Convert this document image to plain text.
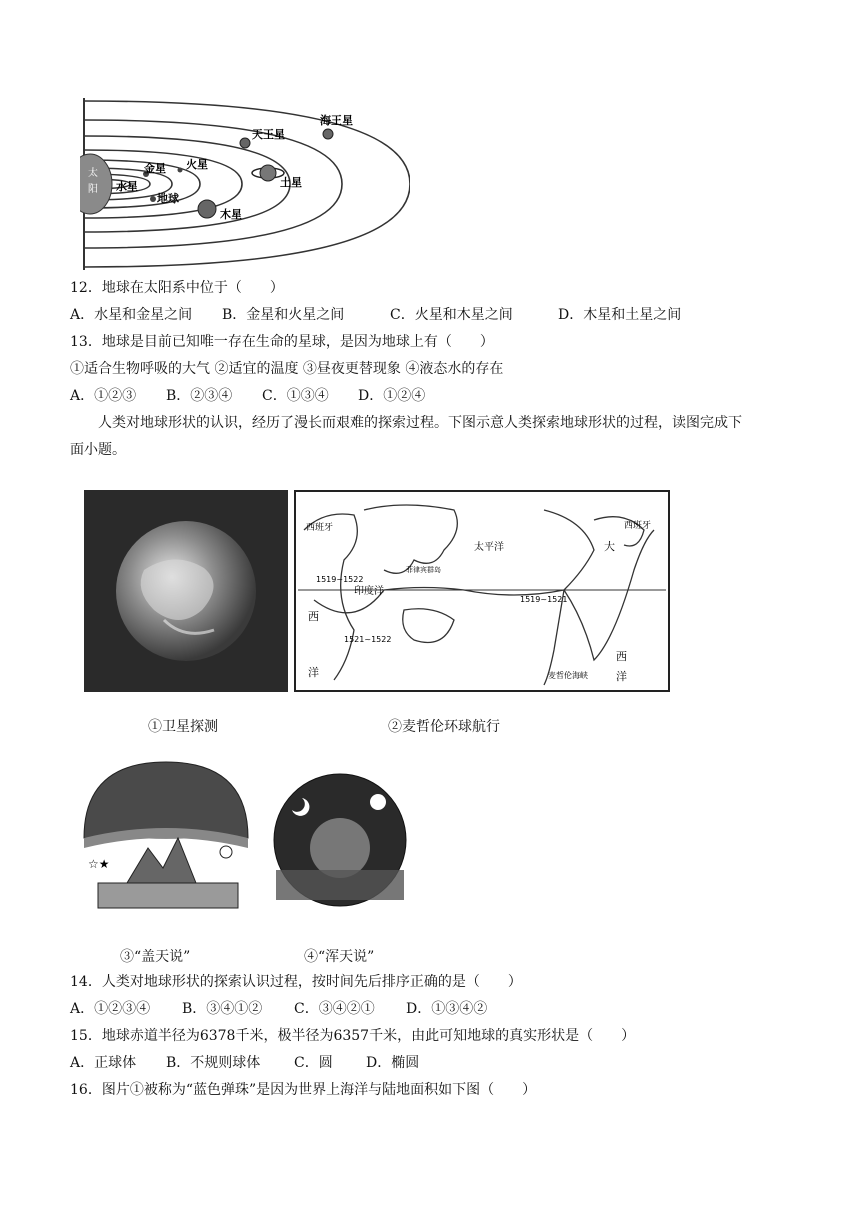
太
阳
金星
水星
地球
火星
木星
土星
天王星
海王星
12．地球在太阳系中位于（　　）
A．水星和金星之间 B．金星和火星之间	C．火星和木星之间	D．木星和土星之间
13．地球是目前已知唯一存在生命的星球，是因为地球上有（　　）
①适合生物呼吸的大气 ②适宜的温度 ③昼夜更替现象 ④液态水的存在
A．①②③ B．②③④ C．①③④ D．①②④
人类对地球形状的认识，经历了漫长而艰难的探索过程。下图示意人类探索地球形状的过程，读图完成下
面小题。
西班牙	西班牙
太平洋
印度洋
1519~1522
1521~1522
1519~1521
菲律宾群岛
麦哲伦海峡
西
洋
大
西
洋
①卫星探测	②麦哲伦环球航行
☆★
③“盖天说”	④“浑天说”
14．人类对地球形状的探索认识过程，按时间先后排序正确的是（　　）
A．①②③④ B．③④①② C．③④②① D．①③④②
15．地球赤道半径为6378千米，极半径为6357千米，由此可知地球的真实形状是（　　）
A．正球体 B．不规则球体 C．圆 D．椭圆
16．图片①被称为“蓝色弹珠”是因为世界上海洋与陆地面积如下图（　　）
